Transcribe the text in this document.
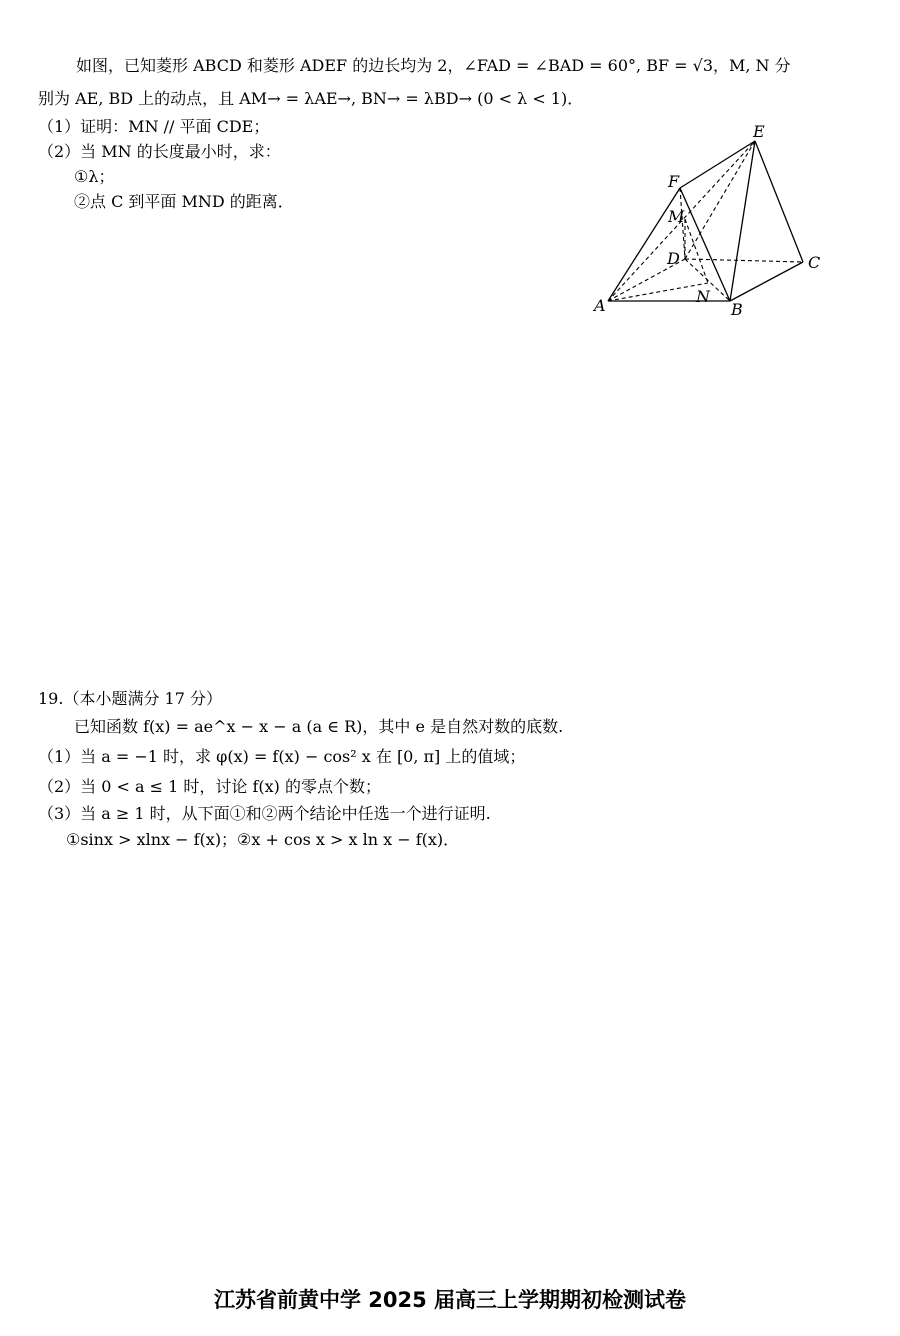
如图，已知菱形 ABCD 和菱形 ADEF 的边长均为 2，∠FAD = ∠BAD = 60°, BF = √3，M, N 分
别为 AE, BD 上的动点，且 AM→ = λAE→, BN→ = λBD→ (0 < λ < 1)．
（1）证明：MN // 平面 CDE；
（2）当 MN 的长度最小时，求：
①λ；
②点 C 到平面 MND 的距离．
E
F
M
D	C
N
A	B
19.（本小题满分 17 分）
已知函数 f(x) = ae^x − x − a (a ∈ R)，其中 e 是自然对数的底数.
（1）当 a = −1 时，求 φ(x) = f(x) − cos² x 在 [0, π] 上的值域；
（2）当 0 < a ≤ 1 时，讨论 f(x) 的零点个数；
（3）当 a ≥ 1 时，从下面①和②两个结论中任选一个进行证明.
①sinx > xlnx − f(x)；②x + cos x > x ln x − f(x)．
江苏省前黄中学 2025 届高三上学期期初检测试卷
